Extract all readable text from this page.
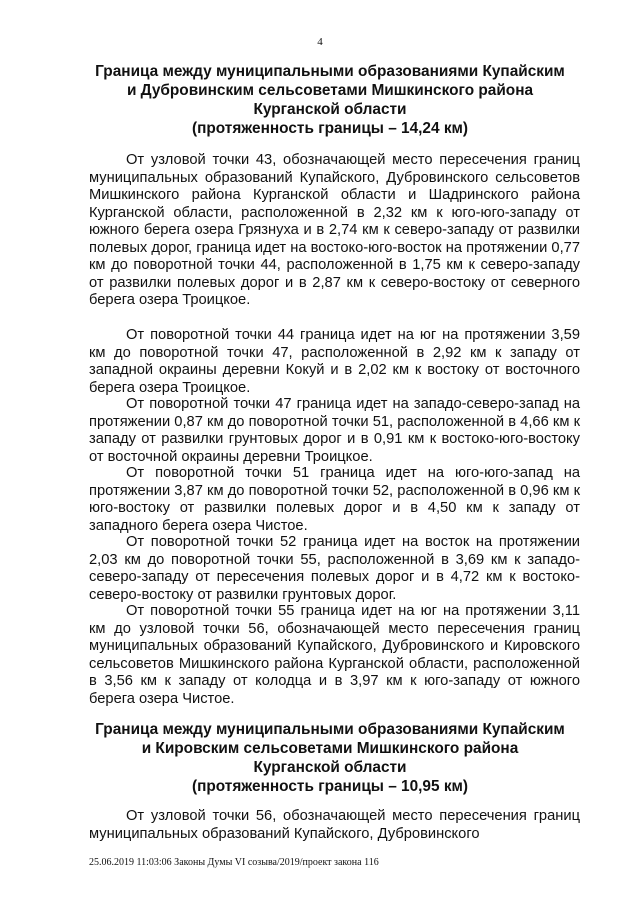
4
Граница между муниципальными образованиями Купайским
и Дубровинским сельсоветами Мишкинского района
Курганской области
(протяженность границы – 14,24 км)

От узловой точки 43, обозначающей место пересечения границ муниципальных образований Купайского, Дубровинского сельсоветов Мишкинского района Курганской области и Шадринского района Курганской области, расположенной в 2,32 км к юго-юго-западу от южного берега озера Грязнуха и в 2,74 км к северо-западу от развилки полевых дорог, граница идет на востоко-юго-восток на протяжении 0,77 км до поворотной точки 44, расположенной в 1,75 км к северо-западу от развилки полевых дорог и в 2,87 км к северо-востоку от северного берега озера Троицкое.

От поворотной точки 44 граница идет на юг на протяжении 3,59 км до поворотной точки 47, расположенной в 2,92 км к западу от западной окраины деревни Кокуй и в 2,02 км к востоку от восточного берега озера Троицкое.

От поворотной точки 47 граница идет на западо-северо-запад на протяжении 0,87 км до поворотной точки 51, расположенной в 4,66 км к западу от развилки грунтовых дорог и в 0,91 км к востоко-юго-востоку от восточной окраины деревни Троицкое.

От поворотной точки 51 граница идет на юго-юго-запад на протяжении 3,87 км до поворотной точки 52, расположенной в 0,96 км к юго-востоку от развилки полевых дорог и в 4,50 км к западу от западного берега озера Чистое.

От поворотной точки 52 граница идет на восток на протяжении 2,03 км до поворотной точки 55, расположенной в 3,69 км к западо-северо-западу от пересечения полевых дорог и в 4,72 км к востоко-северо-востоку от развилки грунтовых дорог.

От поворотной точки 55 граница идет на юг на протяжении 3,11 км до узловой точки 56, обозначающей место пересечения границ муниципальных образований Купайского, Дубровинского и Кировского сельсоветов Мишкинского района Курганской области, расположенной в 3,56 км к западу от колодца и в 3,97 км к юго-западу от южного берега озера Чистое.

Граница между муниципальными образованиями Купайским
и Кировским сельсоветами Мишкинского района
Курганской области
(протяженность границы – 10,95 км)

От узловой точки 56, обозначающей место пересечения границ муниципальных образований Купайского, Дубровинского

25.06.2019 11:03:06 Законы Думы VI созыва/2019/проект закона 116
